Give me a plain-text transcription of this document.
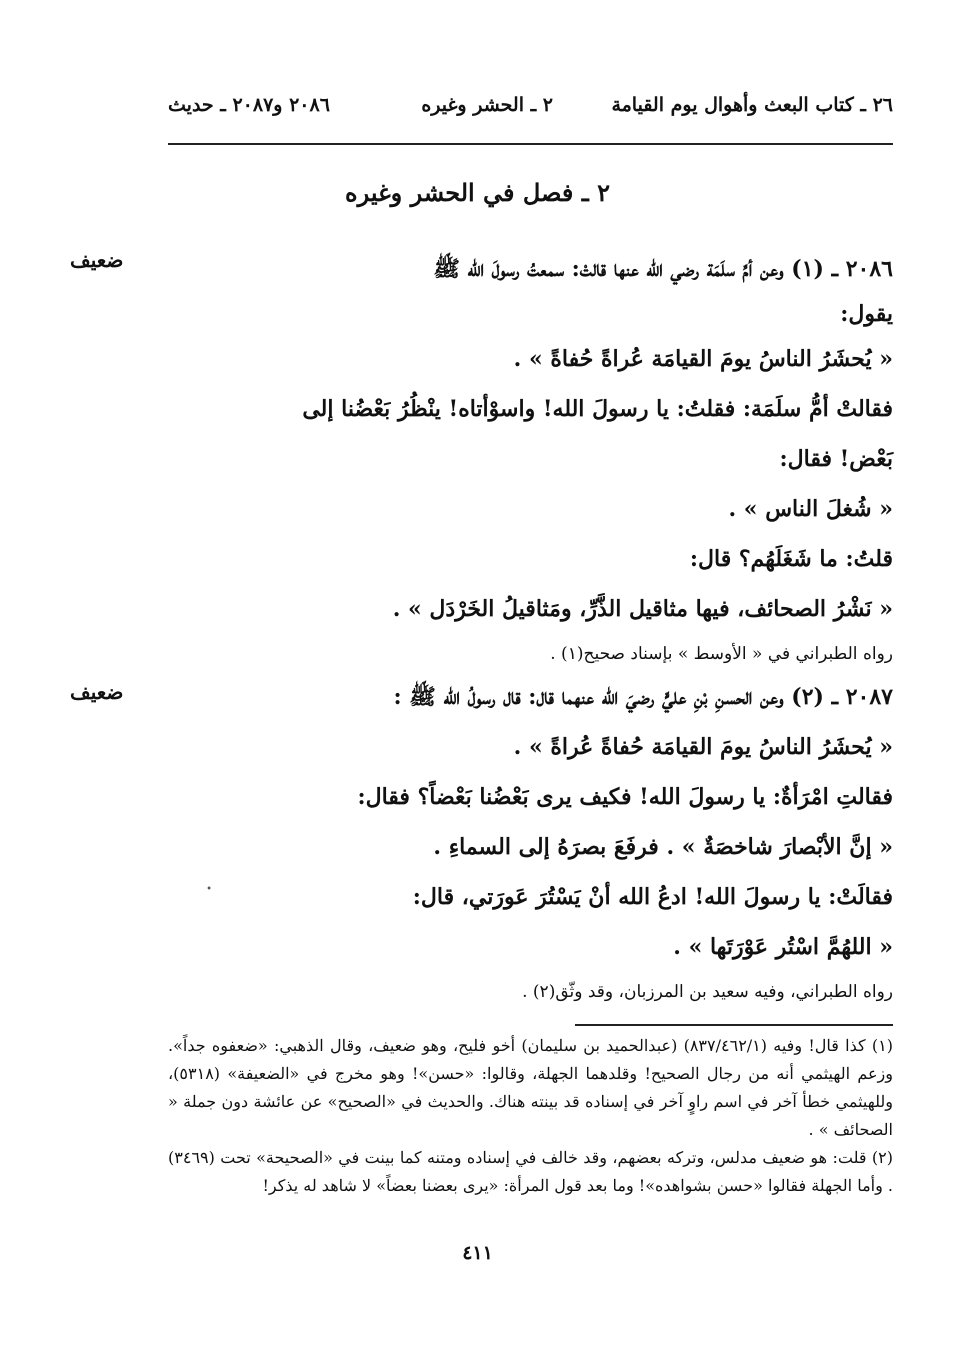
٢٦ ـ كتاب البعث وأهوال يوم القيامة
٢ ـ الحشر وغيره
٢٠٨٦ و٢٠٨٧ ـ حديث
٢ ـ فصل في الحشر وغيره
ضعيف	٢٠٨٦ ـ (١) وعن أمِّ سلَمَة رضي الله عنها قالتْ: سمعتُ رسولَ الله ﷺ

يقول:

« يُحشَرُ الناسُ يومَ القيامَة عُراةً حُفاةً » .

فقالتْ أمُّ سلَمَة: فقلتُ: يا رسولَ الله! واسوْأتاه! ينْظُرُ بَعْضُنا إلى

بَعْض! فقال:

« شُغلَ الناس » .

قلتُ: ما شَغَلَهُم؟ قال:

« نَشْرُ الصحائف، فيها مثاقيل الذَّرِّ، ومَثاقيلُ الخَرْدَل » .

رواه الطبراني في « الأوسط » بإسناد صحيح(١) .

ضعيف	٢٠٨٧ ـ (٢) وعن الحسنِ بْنِ عليٍّ رضيَ الله عنهما قال: قال رسولُ الله ﷺ :

« يُحشَرُ الناسُ يومَ القيامَة حُفاةً عُراةً » .

فقالتِ امْرَأةٌ: يا رسولَ الله! فكيف يرى بَعْضُنا بَعْضاً؟ فقال:

« إنَّ الأبْصارَ شاخصَةٌ » . فرفَعَ بصرَهُ إلى السماءِ .

فقالَتْ: يا رسولَ الله! ادعُ الله أنْ يَسْتُرَ عَورَتي، قال:

« اللهُمَّ اسْتُر عَوْرَتَها » .

رواه الطبراني، وفيه سعيد بن المرزبان، وقد وثّق(٢) .

•

(١) كذا قال! وفيه (٨٣٧/٤٦٢/١) (عبدالحميد بن سليمان) أخو فليح، وهو ضعيف، وقال الذهبي: «ضعفوه جداً». وزعم الهيثمي أنه من رجال الصحيح! وقلدهما الجهلة، وقالوا: «حسن»! وهو مخرج في «الضعيفة» (٥٣١٨)، وللهيثمي خطأ آخر في اسم راوٍ آخر في إسناده قد بينته هناك. والحديث في «الصحيح» عن عائشة دون جملة « الصحائف » .

(٢) قلت: هو ضعيف مدلس، وتركه بعضهم، وقد خالف في إسناده ومتنه كما بينت في «الصحيحة» تحت (٣٤٦٩) . وأما الجهلة فقالوا «حسن بشواهده»! وما بعد قول المرأة: «يرى بعضنا بعضاً» لا شاهد له يذكر!

٤١١
